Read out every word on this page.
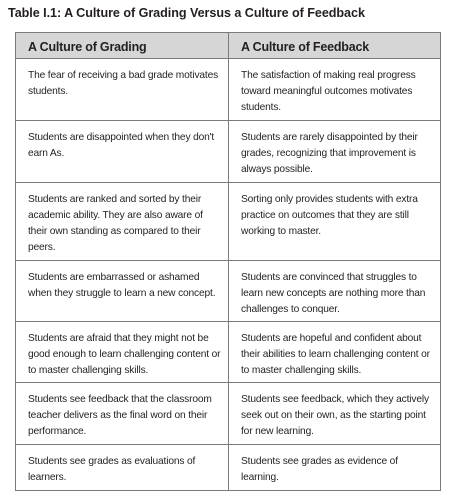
Table I.1: A Culture of Grading Versus a Culture of Feedback
A Culture of Grading	A Culture of Feedback
The fear of receiving a bad grade motivates students.
The satisfaction of making real progress toward meaningful outcomes motivates students.
Students are disappointed when they don't earn As.
Students are rarely disappointed by their grades, recognizing that improvement is always possible.
Students are ranked and sorted by their academic ability. They are also aware of their own standing as compared to their peers.
Sorting only provides students with extra practice on outcomes that they are still working to master.
Students are embarrassed or ashamed when they struggle to learn a new concept.
Students are convinced that struggles to learn new concepts are nothing more than challenges to conquer.
Students are afraid that they might not be good enough to learn challenging content or to master challenging skills.
Students are hopeful and confident about their abilities to learn challenging content or to master challenging skills.
Students see feedback that the classroom teacher delivers as the final word on their performance.
Students see feedback, which they actively seek out on their own, as the starting point for new learning.
Students see grades as evaluations of learners.
Students see grades as evidence of learning.
